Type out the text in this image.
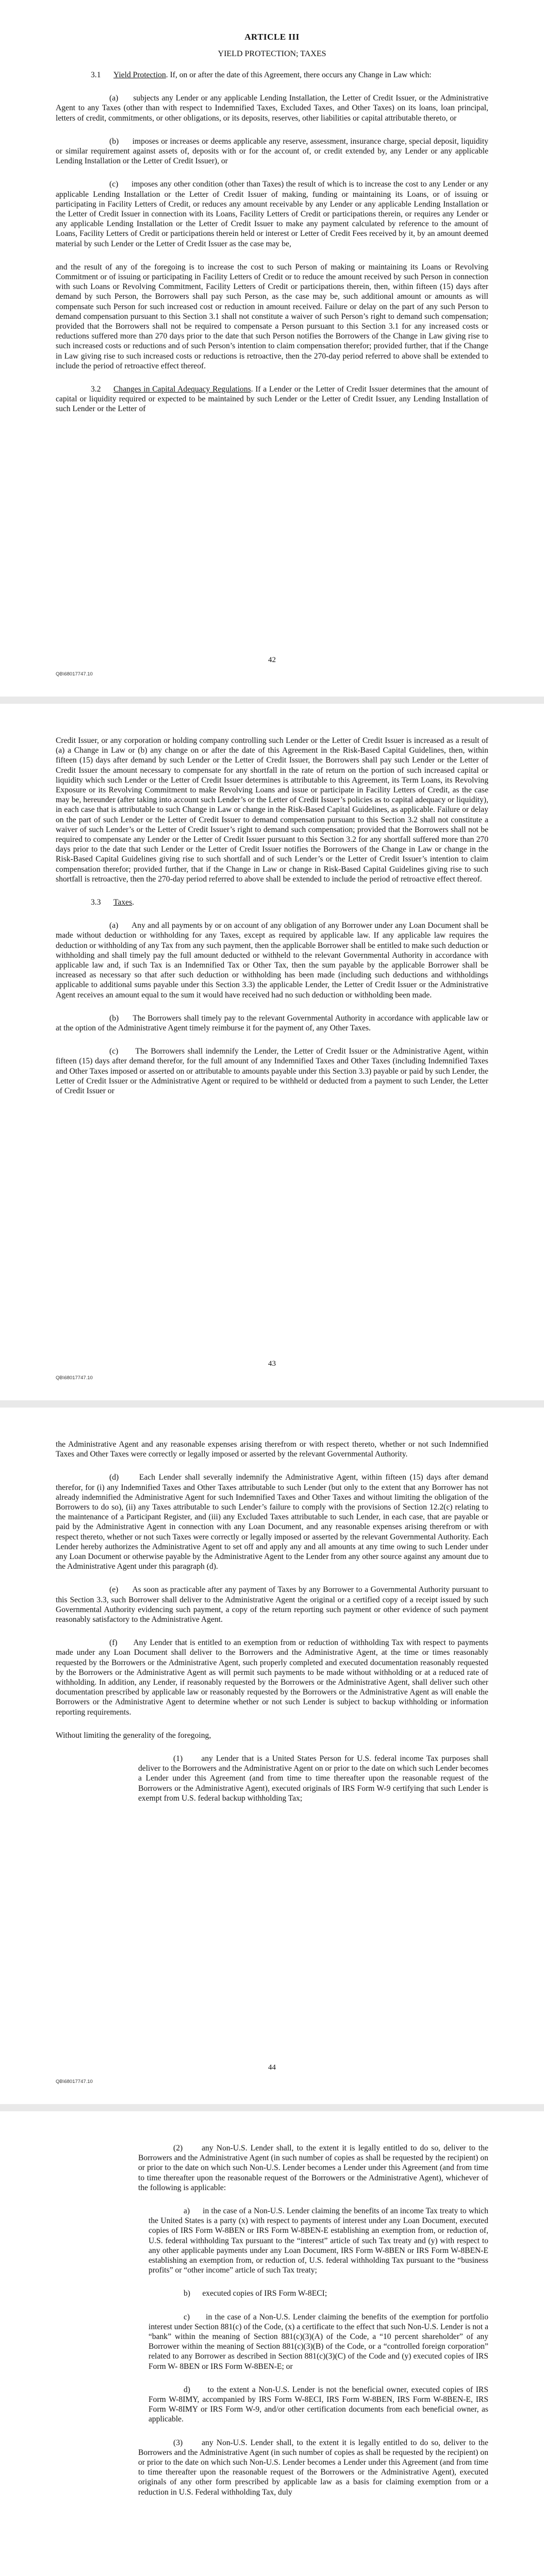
ARTICLE III
YIELD PROTECTION; TAXES

3.1 Yield Protection. If, on or after the date of this Agreement, there occurs any Change in Law which:

(a)      subjects any Lender or any applicable Lending Installation, the Letter of Credit Issuer, or the Administrative Agent to any Taxes (other than with respect to Indemnified Taxes, Excluded Taxes, and Other Taxes) on its loans, loan principal, letters of credit, commitments, or other obligations, or its deposits, reserves, other liabilities or capital attributable thereto, or

(b)      imposes or increases or deems applicable any reserve, assessment, insurance charge, special deposit, liquidity or similar requirement against assets of, deposits with or for the account of, or credit extended by, any Lender or any applicable Lending Installation or the Letter of Credit Issuer), or

(c)      imposes any other condition (other than Taxes) the result of which is to increase the cost to any Lender or any applicable Lending Installation or the Letter of Credit Issuer of making, funding or maintaining its Loans, or of issuing or participating in Facility Letters of Credit, or reduces any amount receivable by any Lender or any applicable Lending Installation or the Letter of Credit Issuer in connection with its Loans, Facility Letters of Credit or participations therein, or requires any Lender or any applicable Lending Installation or the Letter of Credit Issuer to make any payment calculated by reference to the amount of Loans, Facility Letters of Credit or participations therein held or interest or Letter of Credit Fees received by it, by an amount deemed material by such Lender or the Letter of Credit Issuer as the case may be,

and the result of any of the foregoing is to increase the cost to such Person of making or maintaining its Loans or Revolving Commitment or of issuing or participating in Facility Letters of Credit or to reduce the amount received by such Person in connection with such Loans or Revolving Commitment, Facility Letters of Credit or participations therein, then, within fifteen (15) days after demand by such Person, the Borrowers shall pay such Person, as the case may be, such additional amount or amounts as will compensate such Person for such increased cost or reduction in amount received. Failure or delay on the part of any such Person to demand compensation pursuant to this Section 3.1 shall not constitute a waiver of such Person’s right to demand such compensation; provided that the Borrowers shall not be required to compensate a Person pursuant to this Section 3.1 for any increased costs or reductions suffered more than 270 days prior to the date that such Person notifies the Borrowers of the Change in Law giving rise to such increased costs or reductions and of such Person’s intention to claim compensation therefor; provided further, that if the Change in Law giving rise to such increased costs or reductions is retroactive, then the 270-day period referred to above shall be extended to include the period of retroactive effect thereof.

3.2 Changes in Capital Adequacy Regulations. If a Lender or the Letter of Credit Issuer determines that the amount of capital or liquidity required or expected to be maintained by such Lender or the Letter of Credit Issuer, any Lending Installation of such Lender or the Letter of

42
QB\68017747.10

Credit Issuer, or any corporation or holding company controlling such Lender or the Letter of Credit Issuer is increased as a result of (a) a Change in Law or (b) any change on or after the date of this Agreement in the Risk-Based Capital Guidelines, then, within fifteen (15) days after demand by such Lender or the Letter of Credit Issuer, the Borrowers shall pay such Lender or the Letter of Credit Issuer the amount necessary to compensate for any shortfall in the rate of return on the portion of such increased capital or liquidity which such Lender or the Letter of Credit Issuer determines is attributable to this Agreement, its Term Loans, its Revolving Exposure or its Revolving Commitment to make Revolving Loans and issue or participate in Facility Letters of Credit, as the case may be, hereunder (after taking into account such Lender’s or the Letter of Credit Issuer’s policies as to capital adequacy or liquidity), in each case that is attributable to such Change in Law or change in the Risk-Based Capital Guidelines, as applicable. Failure or delay on the part of such Lender or the Letter of Credit Issuer to demand compensation pursuant to this Section 3.2 shall not constitute a waiver of such Lender’s or the Letter of Credit Issuer’s right to demand such compensation; provided that the Borrowers shall not be required to compensate any Lender or the Letter of Credit Issuer pursuant to this Section 3.2 for any shortfall suffered more than 270 days prior to the date that such Lender or the Letter of Credit Issuer notifies the Borrowers of the Change in Law or change in the Risk-Based Capital Guidelines giving rise to such shortfall and of such Lender’s or the Letter of Credit Issuer’s intention to claim compensation therefor; provided further, that if the Change in Law or change in Risk-Based Capital Guidelines giving rise to such shortfall is retroactive, then the 270-day period referred to above shall be extended to include the period of retroactive effect thereof.

3.3 Taxes.

(a)      Any and all payments by or on account of any obligation of any Borrower under any Loan Document shall be made without deduction or withholding for any Taxes, except as required by applicable law. If any applicable law requires the deduction or withholding of any Tax from any such payment, then the applicable Borrower shall be entitled to make such deduction or withholding and shall timely pay the full amount deducted or withheld to the relevant Governmental Authority in accordance with applicable law and, if such Tax is an Indemnified Tax or Other Tax, then the sum payable by the applicable Borrower shall be increased as necessary so that after such deduction or withholding has been made (including such deductions and withholdings applicable to additional sums payable under this Section 3.3) the applicable Lender, the Letter of Credit Issuer or the Administrative Agent receives an amount equal to the sum it would have received had no such deduction or withholding been made.

(b)      The Borrowers shall timely pay to the relevant Governmental Authority in accordance with applicable law or at the option of the Administrative Agent timely reimburse it for the payment of, any Other Taxes.

(c)      The Borrowers shall indemnify the Lender, the Letter of Credit Issuer or the Administrative Agent, within fifteen (15) days after demand therefor, for the full amount of any Indemnified Taxes and Other Taxes (including Indemnified Taxes and Other Taxes imposed or asserted on or attributable to amounts payable under this Section 3.3) payable or paid by such Lender, the Letter of Credit Issuer or the Administrative Agent or required to be withheld or deducted from a payment to such Lender, the Letter of Credit Issuer or

43
QB\68017747.10

the Administrative Agent and any reasonable expenses arising therefrom or with respect thereto, whether or not such Indemnified Taxes and Other Taxes were correctly or legally imposed or asserted by the relevant Governmental Authority.

(d)      Each Lender shall severally indemnify the Administrative Agent, within fifteen (15) days after demand therefor, for (i) any Indemnified Taxes and Other Taxes attributable to such Lender (but only to the extent that any Borrower has not already indemnified the Administrative Agent for such Indemnified Taxes and Other Taxes and without limiting the obligation of the Borrowers to do so), (ii) any Taxes attributable to such Lender’s failure to comply with the provisions of Section 12.2(c) relating to the maintenance of a Participant Register, and (iii) any Excluded Taxes attributable to such Lender, in each case, that are payable or paid by the Administrative Agent in connection with any Loan Document, and any reasonable expenses arising therefrom or with respect thereto, whether or not such Taxes were correctly or legally imposed or asserted by the relevant Governmental Authority. Each Lender hereby authorizes the Administrative Agent to set off and apply any and all amounts at any time owing to such Lender under any Loan Document or otherwise payable by the Administrative Agent to the Lender from any other source against any amount due to the Administrative Agent under this paragraph (d).

(e)      As soon as practicable after any payment of Taxes by any Borrower to a Governmental Authority pursuant to this Section 3.3, such Borrower shall deliver to the Administrative Agent the original or a certified copy of a receipt issued by such Governmental Authority evidencing such payment, a copy of the return reporting such payment or other evidence of such payment reasonably satisfactory to the Administrative Agent.

(f)      Any Lender that is entitled to an exemption from or reduction of withholding Tax with respect to payments made under any Loan Document shall deliver to the Borrowers and the Administrative Agent, at the time or times reasonably requested by the Borrowers or the Administrative Agent, such properly completed and executed documentation reasonably requested by the Borrowers or the Administrative Agent as will permit such payments to be made without withholding or at a reduced rate of withholding. In addition, any Lender, if reasonably requested by the Borrowers or the Administrative Agent, shall deliver such other documentation prescribed by applicable law or reasonably requested by the Borrowers or the Administrative Agent as will enable the Borrowers or the Administrative Agent to determine whether or not such Lender is subject to backup withholding or information reporting requirements.

Without limiting the generality of the foregoing,

(1)      any Lender that is a United States Person for U.S. federal income Tax purposes shall deliver to the Borrowers and the Administrative Agent on or prior to the date on which such Lender becomes a Lender under this Agreement (and from time to time thereafter upon the reasonable request of the Borrowers or the Administrative Agent), executed originals of IRS Form W-9 certifying that such Lender is exempt from U.S. federal backup withholding Tax;

44
QB\68017747.10

(2)      any Non-U.S. Lender shall, to the extent it is legally entitled to do so, deliver to the Borrowers and the Administrative Agent (in such number of copies as shall be requested by the recipient) on or prior to the date on which such Non-U.S. Lender becomes a Lender under this Agreement (and from time to time thereafter upon the reasonable request of the Borrowers or the Administrative Agent), whichever of the following is applicable:

a)      in the case of a Non-U.S. Lender claiming the benefits of an income Tax treaty to which the United States is a party (x) with respect to payments of interest under any Loan Document, executed copies of IRS Form W-8BEN or IRS Form W-8BEN-E establishing an exemption from, or reduction of, U.S. federal withholding Tax pursuant to the “interest” article of such Tax treaty and (y) with respect to any other applicable payments under any Loan Document, IRS Form W-8BEN or IRS Form W-8BEN-E establishing an exemption from, or reduction of, U.S. federal withholding Tax pursuant to the “business profits” or “other income” article of such Tax treaty;

b)      executed copies of IRS Form W-8ECI;

c)      in the case of a Non-U.S. Lender claiming the benefits of the exemption for portfolio interest under Section 881(c) of the Code, (x) a certificate to the effect that such Non-U.S. Lender is not a “bank” within the meaning of Section 881(c)(3)(A) of the Code, a “10 percent shareholder” of any Borrower within the meaning of Section 881(c)(3)(B) of the Code, or a “controlled foreign corporation” related to any Borrower as described in Section 881(c)(3)(C) of the Code and (y) executed copies of IRS Form W- 8BEN or IRS Form W-8BEN-E; or

d)      to the extent a Non-U.S. Lender is not the beneficial owner, executed copies of IRS Form W-8IMY, accompanied by IRS Form W-8ECI, IRS Form W-8BEN, IRS Form W-8BEN-E, IRS Form W-8IMY or IRS Form W-9, and/or other certification documents from each beneficial owner, as applicable.

(3)      any Non-U.S. Lender shall, to the extent it is legally entitled to do so, deliver to the Borrowers and the Administrative Agent (in such number of copies as shall be requested by the recipient) on or prior to the date on which such Non-U.S. Lender becomes a Lender under this Agreement (and from time to time thereafter upon the reasonable request of the Borrowers or the Administrative Agent), executed originals of any other form prescribed by applicable law as a basis for claiming exemption from or a reduction in U.S. Federal withholding Tax, duly
